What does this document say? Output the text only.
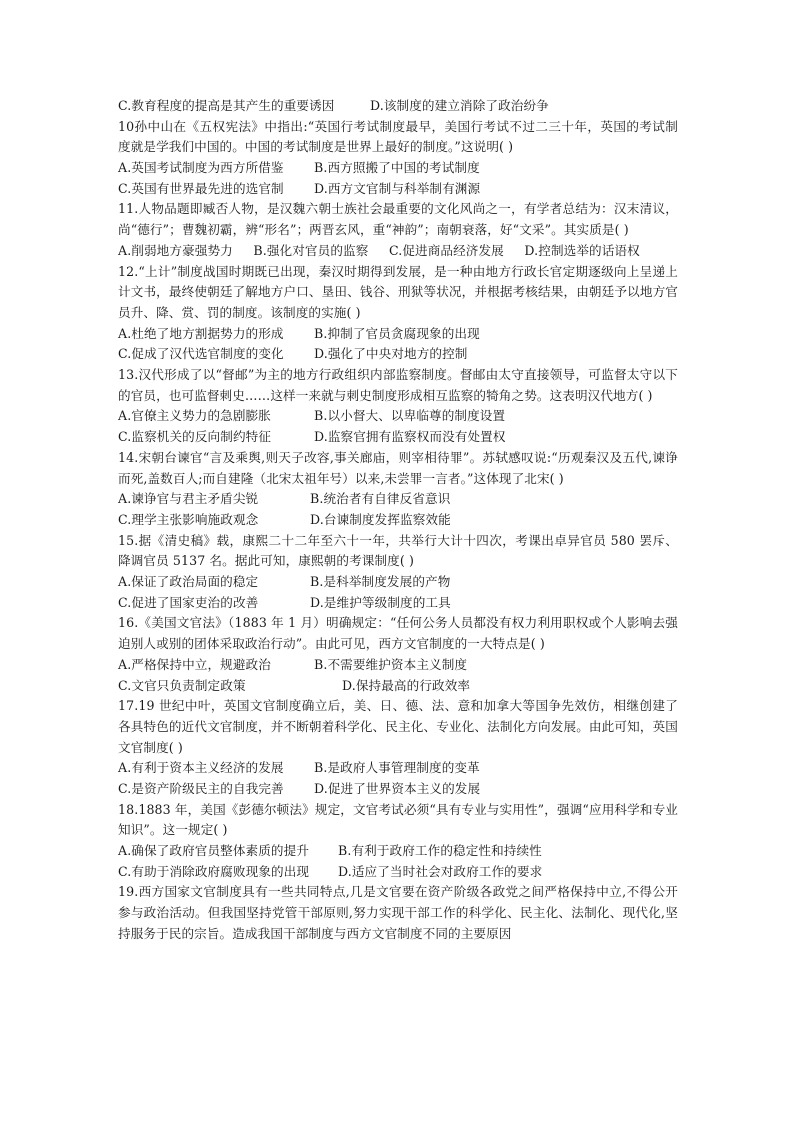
C.教育程度的提高是其产生的重要诱因	D.该制度的建立消除了政治纷争
10孙中山在《五权宪法》中指出:“英国行考试制度最早，美国行考试不过二三十年，英国的考试制度就是学我们中国的。中国的考试制度是世界上最好的制度。”这说明( )
A.英国考试制度为西方所借鉴	B.西方照搬了中国的考试制度
C.英国有世界最先进的选官制	D.西方文官制与科举制有渊源
11.人物品题即臧否人物，是汉魏六朝士族社会最重要的文化风尚之一，有学者总结为：汉末清议，尚“德行”；曹魏初霸，辨“形名”；两晋玄风，重“神韵”；南朝衰落，好“文采”。其实质是( )
A.削弱地方豪强势力 B.强化对官员的监察 C.促进商品经济发展 D.控制选举的话语权
12.“上计”制度战国时期既已出现，秦汉时期得到发展，是一种由地方行政长官定期逐级向上呈递上计文书，最终使朝廷了解地方户口、垦田、钱谷、刑狱等状况，并根据考核结果，由朝廷予以地方官员升、降、赏、罚的制度。该制度的实施( )
A.杜绝了地方割据势力的形成	B.抑制了官员贪腐现象的出现
C.促成了汉代选官制度的变化	D.强化了中央对地方的控制
13.汉代形成了以“督邮”为主的地方行政组织内部监察制度。督邮由太守直接领导，可监督太守以下的官员，也可监督刺史……这样一来就与刺史制度形成相互监察的犄角之势。这表明汉代地方( )
A.官僚主义势力的急剧膨胀	B.以小督大、以卑临尊的制度设置
C.监察机关的反向制约特征	D.监察官拥有监察权而没有处置权
14.宋朝台谏官“言及乘舆,则天子改容,事关廊庙，则宰相待罪”。苏轼感叹说:“历观秦汉及五代,谏诤而死,盖数百人;而自建隆（北宋太祖年号）以来,未尝罪一言者。”这体现了北宋( )
A.谏诤官与君主矛盾尖锐	B.统治者有自律反省意识
C.理学主张影响施政观念	D.台谏制度发挥监察效能
15.据《清史稿》载，康熙二十二年至六十一年，共举行大计十四次，考课出卓异官员 580 罢斥、降调官员 5137 名。据此可知，康熙朝的考课制度( )
A.保证了政治局面的稳定	B.是科举制度发展的产物
C.促进了国家吏治的改善	D.是维护等级制度的工具
16.《美国文官法》（1883 年 1 月）明确规定：“任何公务人员都没有权力利用职权或个人影响去强迫别人或别的团体采取政治行动”。由此可见，西方文官制度的一大特点是( )
A.严格保持中立，规避政治	B.不需要维护资本主义制度
C.文官只负责制定政策	D.保持最高的行政效率
17.19 世纪中叶，英国文官制度确立后，美、日、德、法、意和加拿大等国争先效仿，相继创建了各具特色的近代文官制度，并不断朝着科学化、民主化、专业化、法制化方向发展。由此可知，英国文官制度( )
A.有利于资本主义经济的发展	B.是政府人事管理制度的变革
C.是资产阶级民主的自我完善	D.促进了世界资本主义的发展
18.1883 年，美国《彭德尔顿法》规定，文官考试必须“具有专业与实用性”，强调“应用科学和专业知识”。这一规定( )
A.确保了政府官员整体素质的提升	B.有利于政府工作的稳定性和持续性
C.有助于消除政府腐败现象的出现	D.适应了当时社会对政府工作的要求
19.西方国家文官制度具有一些共同特点,几是文官要在资产阶级各政党之间严格保持中立,不得公开参与政治活动。但我国坚持党管干部原则,努力实现干部工作的科学化、民主化、法制化、现代化,坚持服务于民的宗旨。造成我国干部制度与西方文官制度不同的主要原因
